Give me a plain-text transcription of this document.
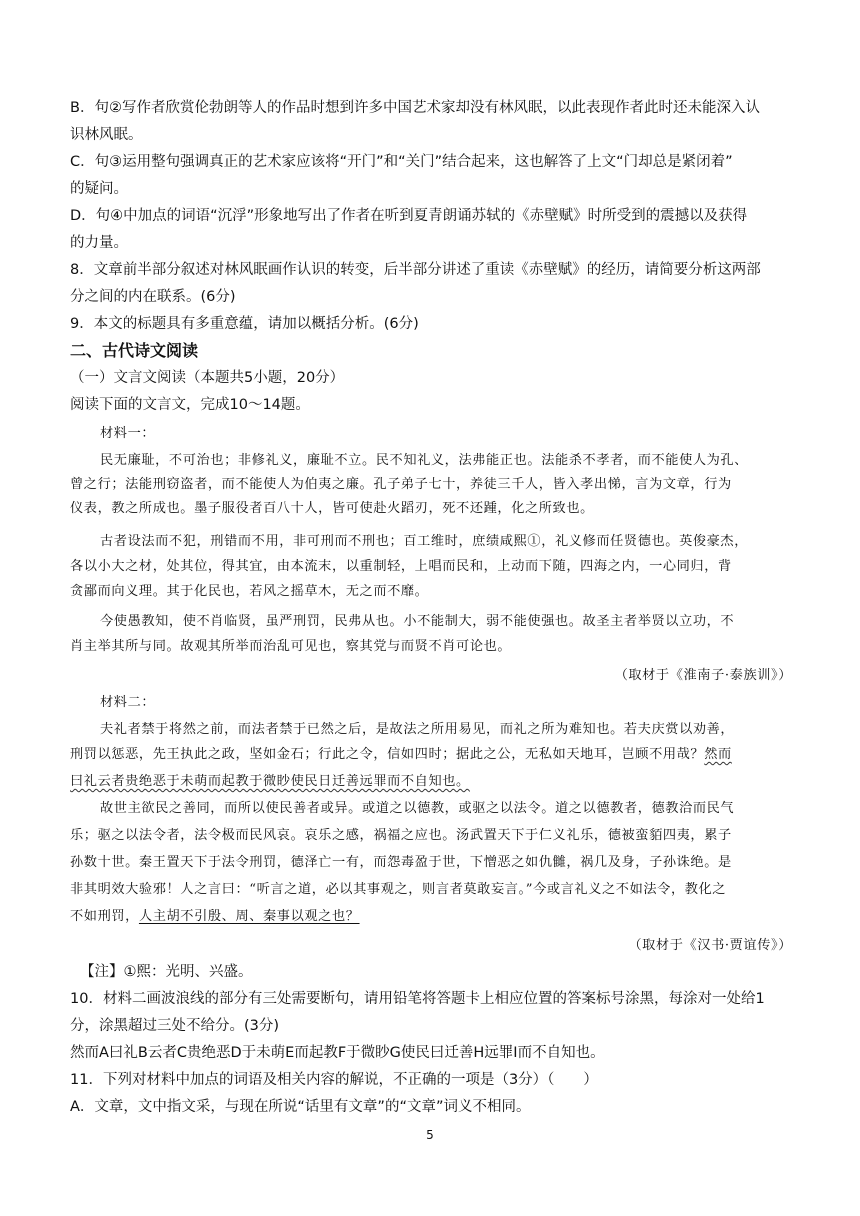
B．句②写作者欣赏伦勃朗等人的作品时想到许多中国艺术家却没有林风眠，以此表现作者此时还未能深入认
识林风眠。
C．句③运用整句强调真正的艺术家应该将“开门”和“关门”结合起来，这也解答了上文“门却总是紧闭着”
的疑问。
D．句④中加点的词语“沉浮”形象地写出了作者在听到夏青朗诵苏轼的《赤壁赋》时所受到的震撼以及获得
的力量。
8．文章前半部分叙述对林风眠画作认识的转变，后半部分讲述了重读《赤壁赋》的经历，请简要分析这两部
分之间的内在联系。(6分)
9．本文的标题具有多重意蕴，请加以概括分析。(6分)
二、古代诗文阅读
（一）文言文阅读（本题共5小题，20分）
阅读下面的文言文，完成10～14题。
材料一：
民无廉耻，不可治也；非修礼义，廉耻不立。民不知礼义，法弗能正也。法能杀不孝者，而不能使人为孔、
曾之行；法能刑窃盗者，而不能使人为伯夷之廉。孔子弟子七十，养徒三千人，皆入孝出悌，言为文章，行为
仪表，教之所成也。墨子服役者百八十人，皆可使赴火蹈刃，死不还踵，化之所致也。
古者设法而不犯，刑错而不用，非可刑而不刑也；百工维时，庶绩咸熙①，礼义修而任贤德也。英俊豪杰，
各以小大之材，处其位，得其宜，由本流末，以重制轻，上唱而民和，上动而下随，四海之内，一心同归，背
贪鄙而向义理。其于化民也，若风之摇草木，无之而不靡。
今使愚教知，使不肖临贤，虽严刑罚，民弗从也。小不能制大，弱不能使强也。故圣主者举贤以立功，不
肖主举其所与同。故观其所举而治乱可见也，察其党与而贤不肖可论也。
（取材于《淮南子·泰族训》）
材料二：
夫礼者禁于将然之前，而法者禁于已然之后，是故法之所用易见，而礼之所为难知也。若夫庆赏以劝善，
刑罚以惩恶，先王执此之政，坚如金石；行此之令，信如四时；据此之公，无私如天地耳，岂顾不用哉？然而
曰礼云者贵绝恶于未萌而起教于微眇使民日迁善远罪而不自知也。
故世主欲民之善同，而所以使民善者或异。或道之以德教，或驱之以法令。道之以德教者，德教洽而民气
乐；驱之以法令者，法令极而民风哀。哀乐之感，祸福之应也。汤武置天下于仁义礼乐，德被蛮貊四夷，累子
孙数十世。秦王置天下于法令刑罚，德泽亡一有，而怨毒盈于世，下憎恶之如仇雠，祸几及身，子孙诛绝。是
非其明效大验邪！人之言曰：“听言之道，必以其事观之，则言者莫敢妄言。”今或言礼义之不如法令，教化之
不如刑罚，人主胡不引殷、周、秦事以观之也？
（取材于《汉书·贾谊传》）
【注】①熙：光明、兴盛。
10．材料二画波浪线的部分有三处需要断句，请用铅笔将答题卡上相应位置的答案标号涂黑，每涂对一处给1
分，涂黑超过三处不给分。(3分)
然而A曰礼B云者C贵绝恶D于未萌E而起教F于微眇G使民曰迁善H远罪I而不自知也。
11．下列对材料中加点的词语及相关内容的解说，不正确的一项是（3分）（　　）
A．文章，文中指文采，与现在所说“话里有文章”的“文章”词义不相同。
5
